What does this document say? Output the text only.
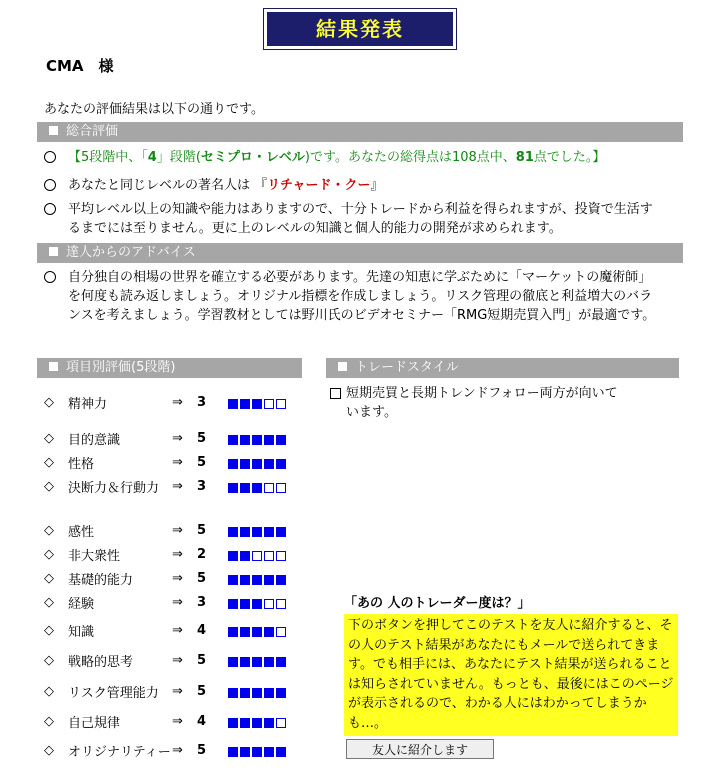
結果発表
CMA　様
あなたの評価結果は以下の通りです。
総合評価
【5段階中、「4」段階(セミプロ・レベル)です。あなたの総得点は108点中、81点でした。】
あなたと同じレベルの著名人は 『リチャード・クー』
平均レベル以上の知識や能力はありますので、十分トレードから利益を得られますが、投資で生活するまでには至りません。更に上のレベルの知識と個人的能力の開発が求められます。
達人からのアドバイス
自分独自の相場の世界を確立する必要があります。先達の知恵に学ぶために「マーケットの魔術師」を何度も読み返しましょう。オリジナル指標を作成しましょう。リスク管理の徹底と利益増大のバランスを考えましょう。学習教材としては野川氏のビデオセミナー「RMG短期売買入門」が最適です。
項目別評価(5段階)
◇ 精神力	⇒ 3
◇ 目的意識	⇒ 5
◇ 性格	⇒ 5
◇ 決断力＆行動力 ⇒ 3
◇ 感性	⇒ 5
◇ 非大衆性	⇒ 2
◇ 基礎的能力	⇒ 5
◇ 経験	⇒ 3
◇ 知識	⇒ 4
◇ 戦略的思考	⇒ 5
◇ リスク管理能力	⇒ 5
◇ 自己規律	⇒ 4
◇ オリジナリティー ⇒ 5
トレードスタイル
短期売買と長期トレンドフォロー両方が向いています。
「あの 人のトレーダー度は？」
下のボタンを押してこのテストを友人に紹介すると、その人のテスト結果があなたにもメールで送られてきます。でも相手には、あなたにテスト結果が送られることは知らされていません。もっとも、最後にはこのページが表示されるので、わかる人にはわかってしまうかも…。
友人に紹介します
